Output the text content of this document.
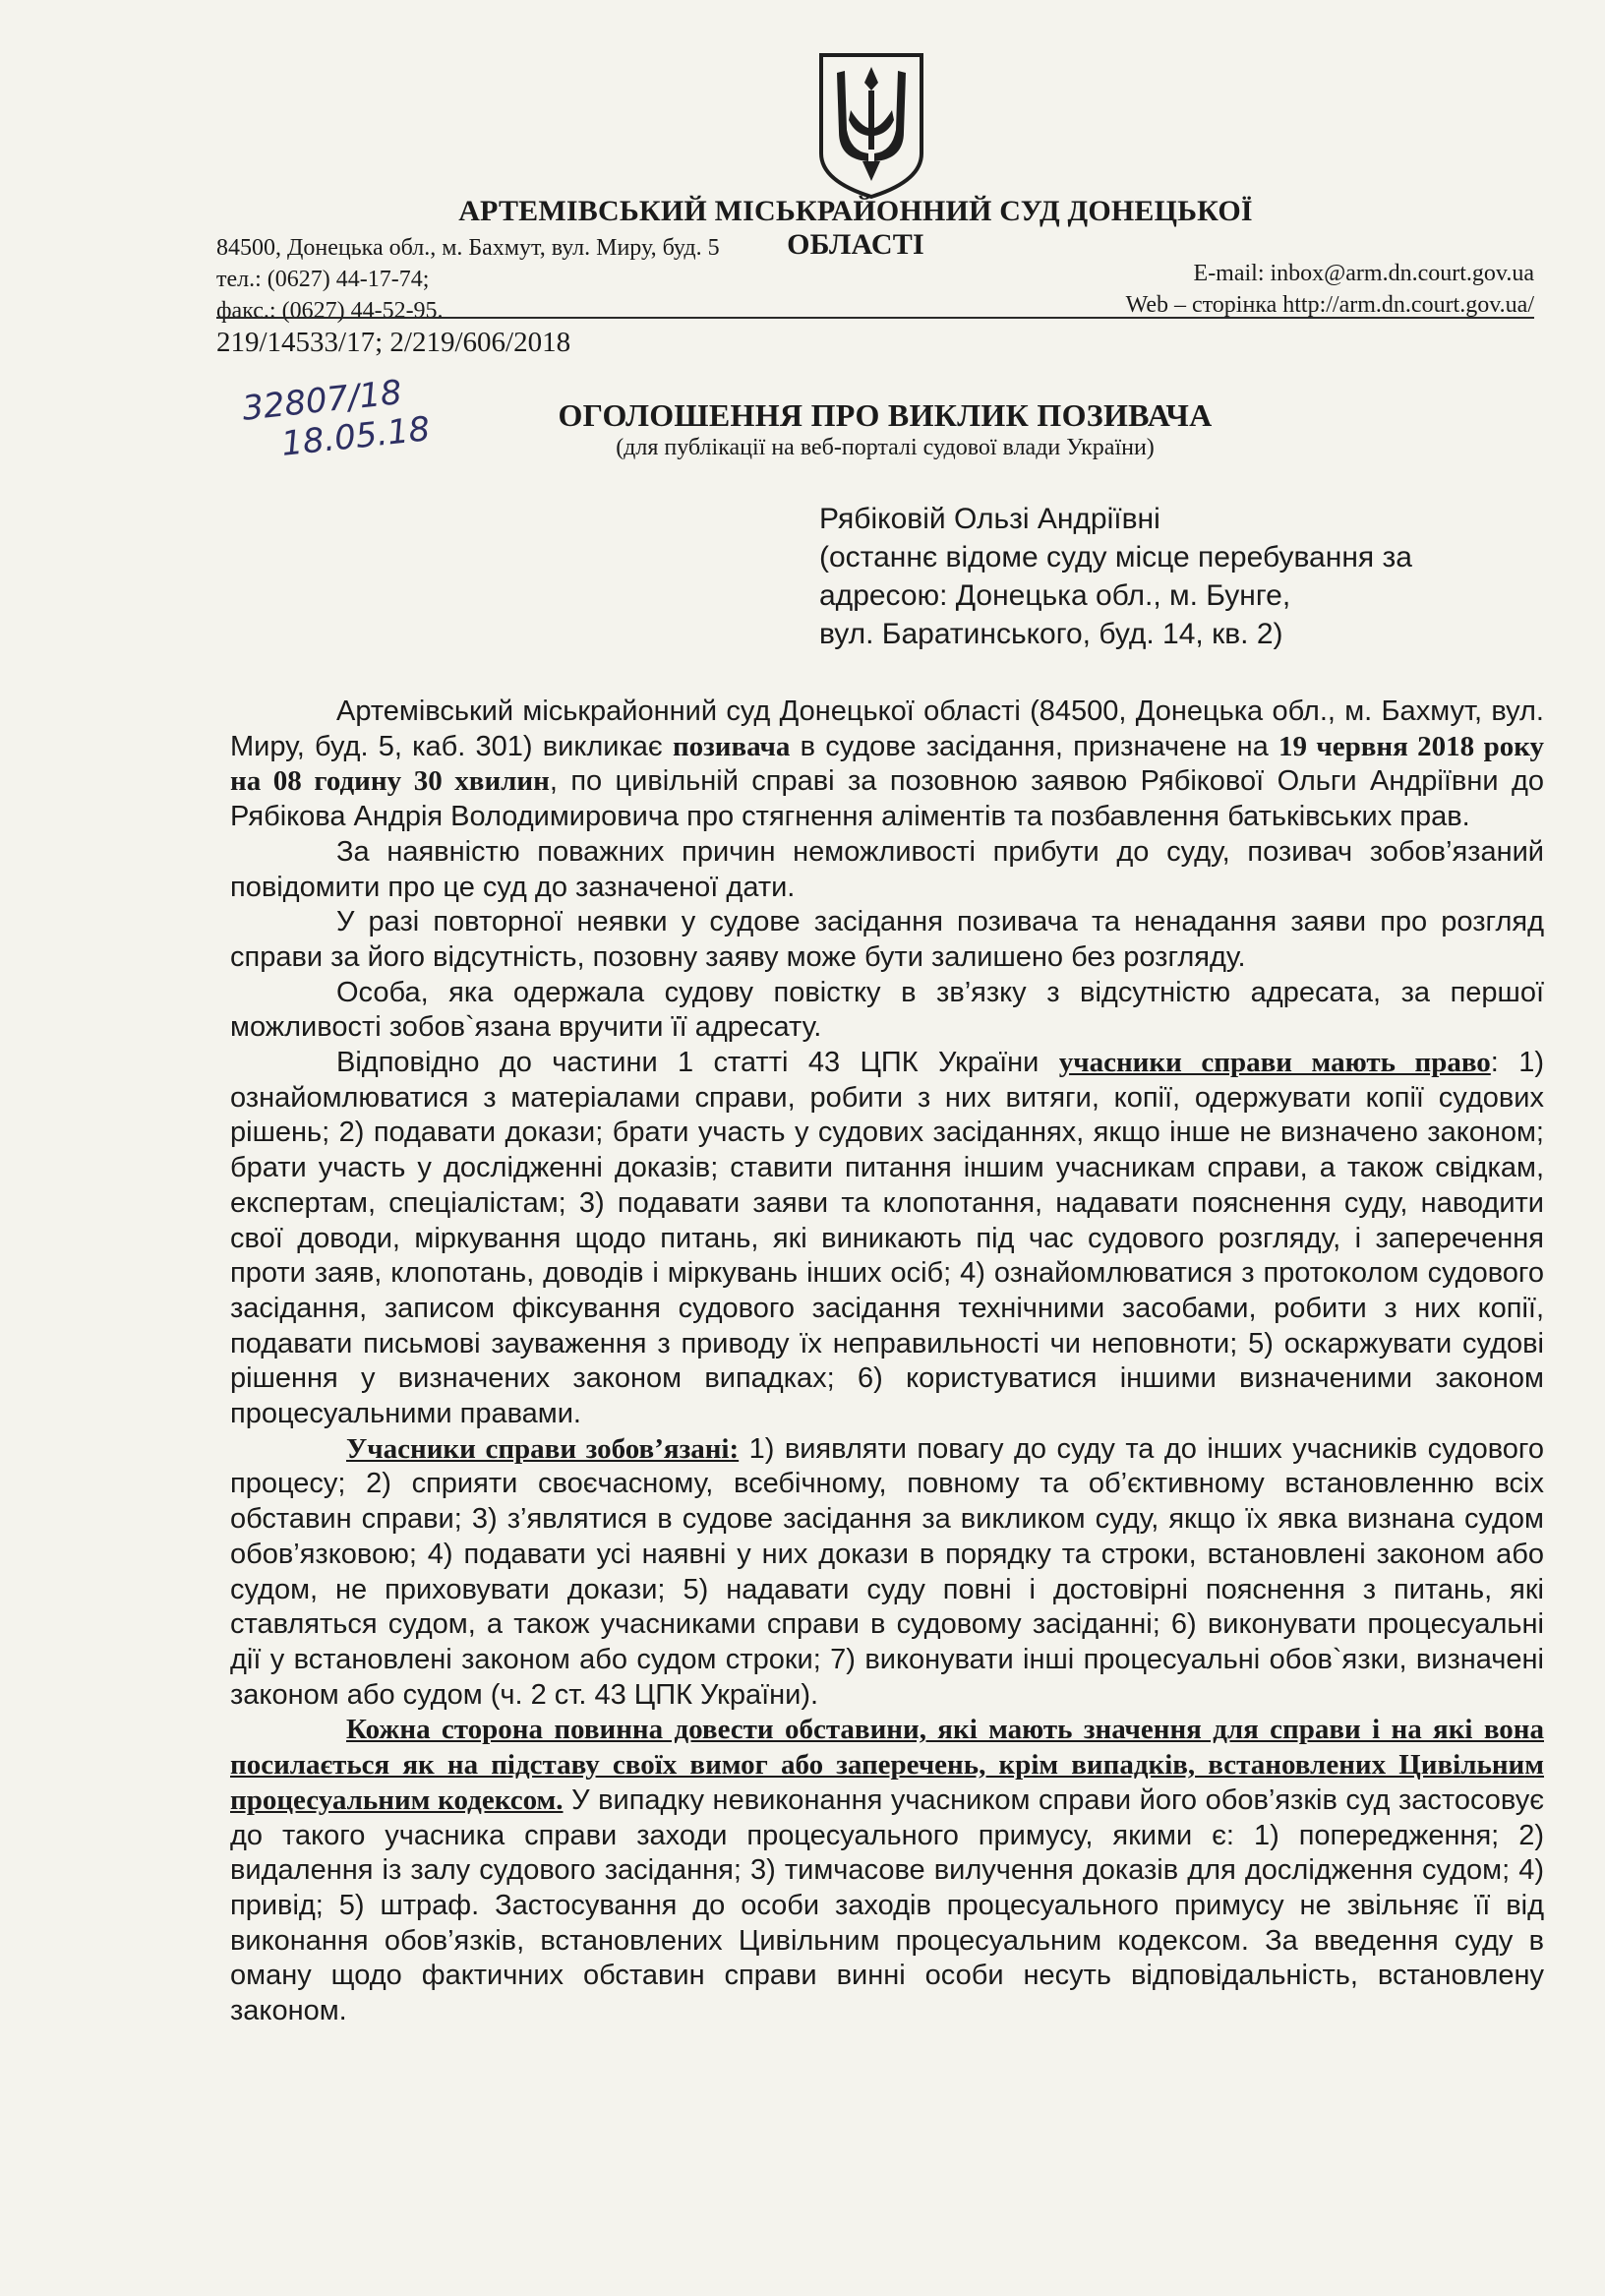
АРТЕМІВСЬКИЙ МІСЬКРАЙОННИЙ СУД ДОНЕЦЬКОЇ ОБЛАСТІ
84500, Донецька обл., м. Бахмут, вул. Миру, буд. 5
тел.: (0627) 44-17-74;
факс.: (0627) 44-52-95.
E-mail: inbox@arm.dn.court.gov.ua
Web – сторінка http://arm.dn.court.gov.ua/
219/14533/17; 2/219/606/2018
32807/18
18.05.18	ОГОЛОШЕННЯ ПРО ВИКЛИК ПОЗИВАЧА
(для публікації на веб-порталі судової влади України)
Рябіковій Ользі Андріївні
(останнє відоме суду місце перебування за
адресою: Донецька обл., м. Бунге,
вул. Баратинського, буд. 14, кв. 2)

Артемівський міськрайонний суд Донецької області (84500, Донецька обл., м. Бахмут, вул. Миру, буд. 5, каб. 301) викликає позивача в судове засідання, призначене на 19 червня 2018 року на 08 годину 30 хвилин, по цивільній справі за позовною заявою Рябікової Ольги Андріївни до Рябікова Андрія Володимировича про стягнення аліментів та позбавлення батьківських прав.

За наявністю поважних причин неможливості прибути до суду, позивач зобов’язаний повідомити про це суд до зазначеної дати.

У разі повторної неявки у судове засідання позивача та ненадання заяви про розгляд справи за його відсутність, позовну заяву може бути залишено без розгляду.

Особа, яка одержала судову повістку в зв’язку з відсутністю адресата, за першої можливості зобов`язана вручити її адресату.

Відповідно до частини 1 статті 43 ЦПК України учасники справи мають право: 1) ознайомлюватися з матеріалами справи, робити з них витяги, копії, одержувати копії судових рішень; 2) подавати докази; брати участь у судових засіданнях, якщо інше не визначено законом; брати участь у дослідженні доказів; ставити питання іншим учасникам справи, а також свідкам, експертам, спеціалістам; 3) подавати заяви та клопотання, надавати пояснення суду, наводити свої доводи, міркування щодо питань, які виникають під час судового розгляду, і заперечення проти заяв, клопотань, доводів і міркувань інших осіб; 4) ознайомлюватися з протоколом судового засідання, записом фіксування судового засідання технічними засобами, робити з них копії, подавати письмові зауваження з приводу їх неправильності чи неповноти; 5) оскаржувати судові рішення у визначених законом випадках; 6) користуватися іншими визначеними законом процесуальними правами.

Учасники справи зобов’язані: 1) виявляти повагу до суду та до інших учасників судового процесу; 2) сприяти своєчасному, всебічному, повному та об’єктивному встановленню всіх обставин справи; 3) з’являтися в судове засідання за викликом суду, якщо їх явка визнана судом обов’язковою; 4) подавати усі наявні у них докази в порядку та строки, встановлені законом або судом, не приховувати докази; 5) надавати суду повні і достовірні пояснення з питань, які ставляться судом, а також учасниками справи в судовому засіданні; 6) виконувати процесуальні дії у встановлені законом або судом строки; 7) виконувати інші процесуальні обов`язки, визначені законом або судом (ч. 2 ст. 43 ЦПК України).

Кожна сторона повинна довести обставини, які мають значення для справи і на які вона посилається як на підставу своїх вимог або заперечень, крім випадків, встановлених Цивільним процесуальним кодексом. У випадку невиконання учасником справи його обов’язків суд застосовує до такого учасника справи заходи процесуального примусу, якими є: 1) попередження; 2) видалення із залу судового засідання; 3) тимчасове вилучення доказів для дослідження судом; 4) привід; 5) штраф. Застосування до особи заходів процесуального примусу не звільняє її від виконання обов’язків, встановлених Цивільним процесуальним кодексом. За введення суду в оману щодо фактичних обставин справи винні особи несуть відповідальність, встановлену законом.
